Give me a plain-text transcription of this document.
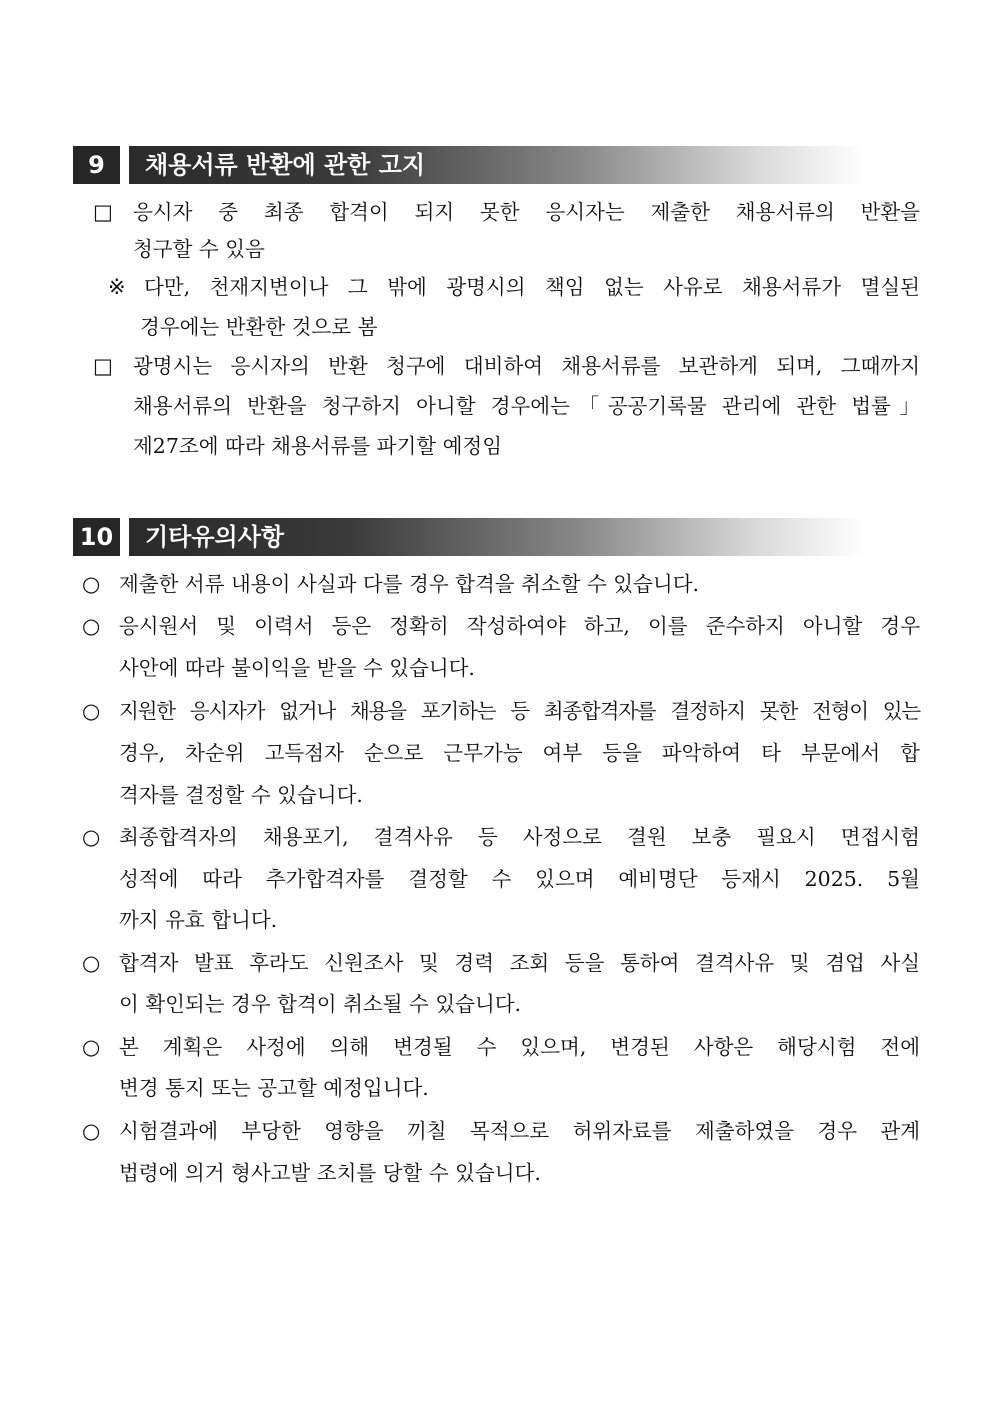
9	채용서류 반환에 관한 고지
□ 응시자 중 최종 합격이 되지 못한 응시자는 제출한 채용서류의 반환을
청구할 수 있음
※ 다만, 천재지변이나 그 밖에 광명시의 책임 없는 사유로 채용서류가 멸실된
경우에는 반환한 것으로 봄
□ 광명시는 응시자의 반환 청구에 대비하여 채용서류를 보관하게 되며, 그때까지
채용서류의 반환을 청구하지 아니할 경우에는「공공기록물 관리에 관한 법률」
제27조에 따라 채용서류를 파기할 예정임
10 기타유의사항
○ 제출한 서류 내용이 사실과 다를 경우 합격을 취소할 수 있습니다.
○ 응시원서 및 이력서 등은 정확히 작성하여야 하고, 이를 준수하지 아니할 경우
사안에 따라 불이익을 받을 수 있습니다.
○ 지원한 응시자가 없거나 채용을 포기하는 등 최종합격자를 결정하지 못한 전형이 있는
경우, 차순위 고득점자 순으로 근무가능 여부 등을 파악하여 타 부문에서 합
격자를 결정할 수 있습니다.
○ 최종합격자의 채용포기, 결격사유 등 사정으로 결원 보충 필요시 면접시험
성적에 따라 추가합격자를 결정할 수 있으며 예비명단 등재시 2025. 5월
까지 유효 합니다.
○ 합격자 발표 후라도 신원조사 및 경력 조회 등을 통하여 결격사유 및 겸업 사실
이 확인되는 경우 합격이 취소될 수 있습니다.
○ 본 계획은 사정에 의해 변경될 수 있으며, 변경된 사항은 해당시험 전에
변경 통지 또는 공고할 예정입니다.
○ 시험결과에 부당한 영향을 끼칠 목적으로 허위자료를 제출하였을 경우 관계
법령에 의거 형사고발 조치를 당할 수 있습니다.
